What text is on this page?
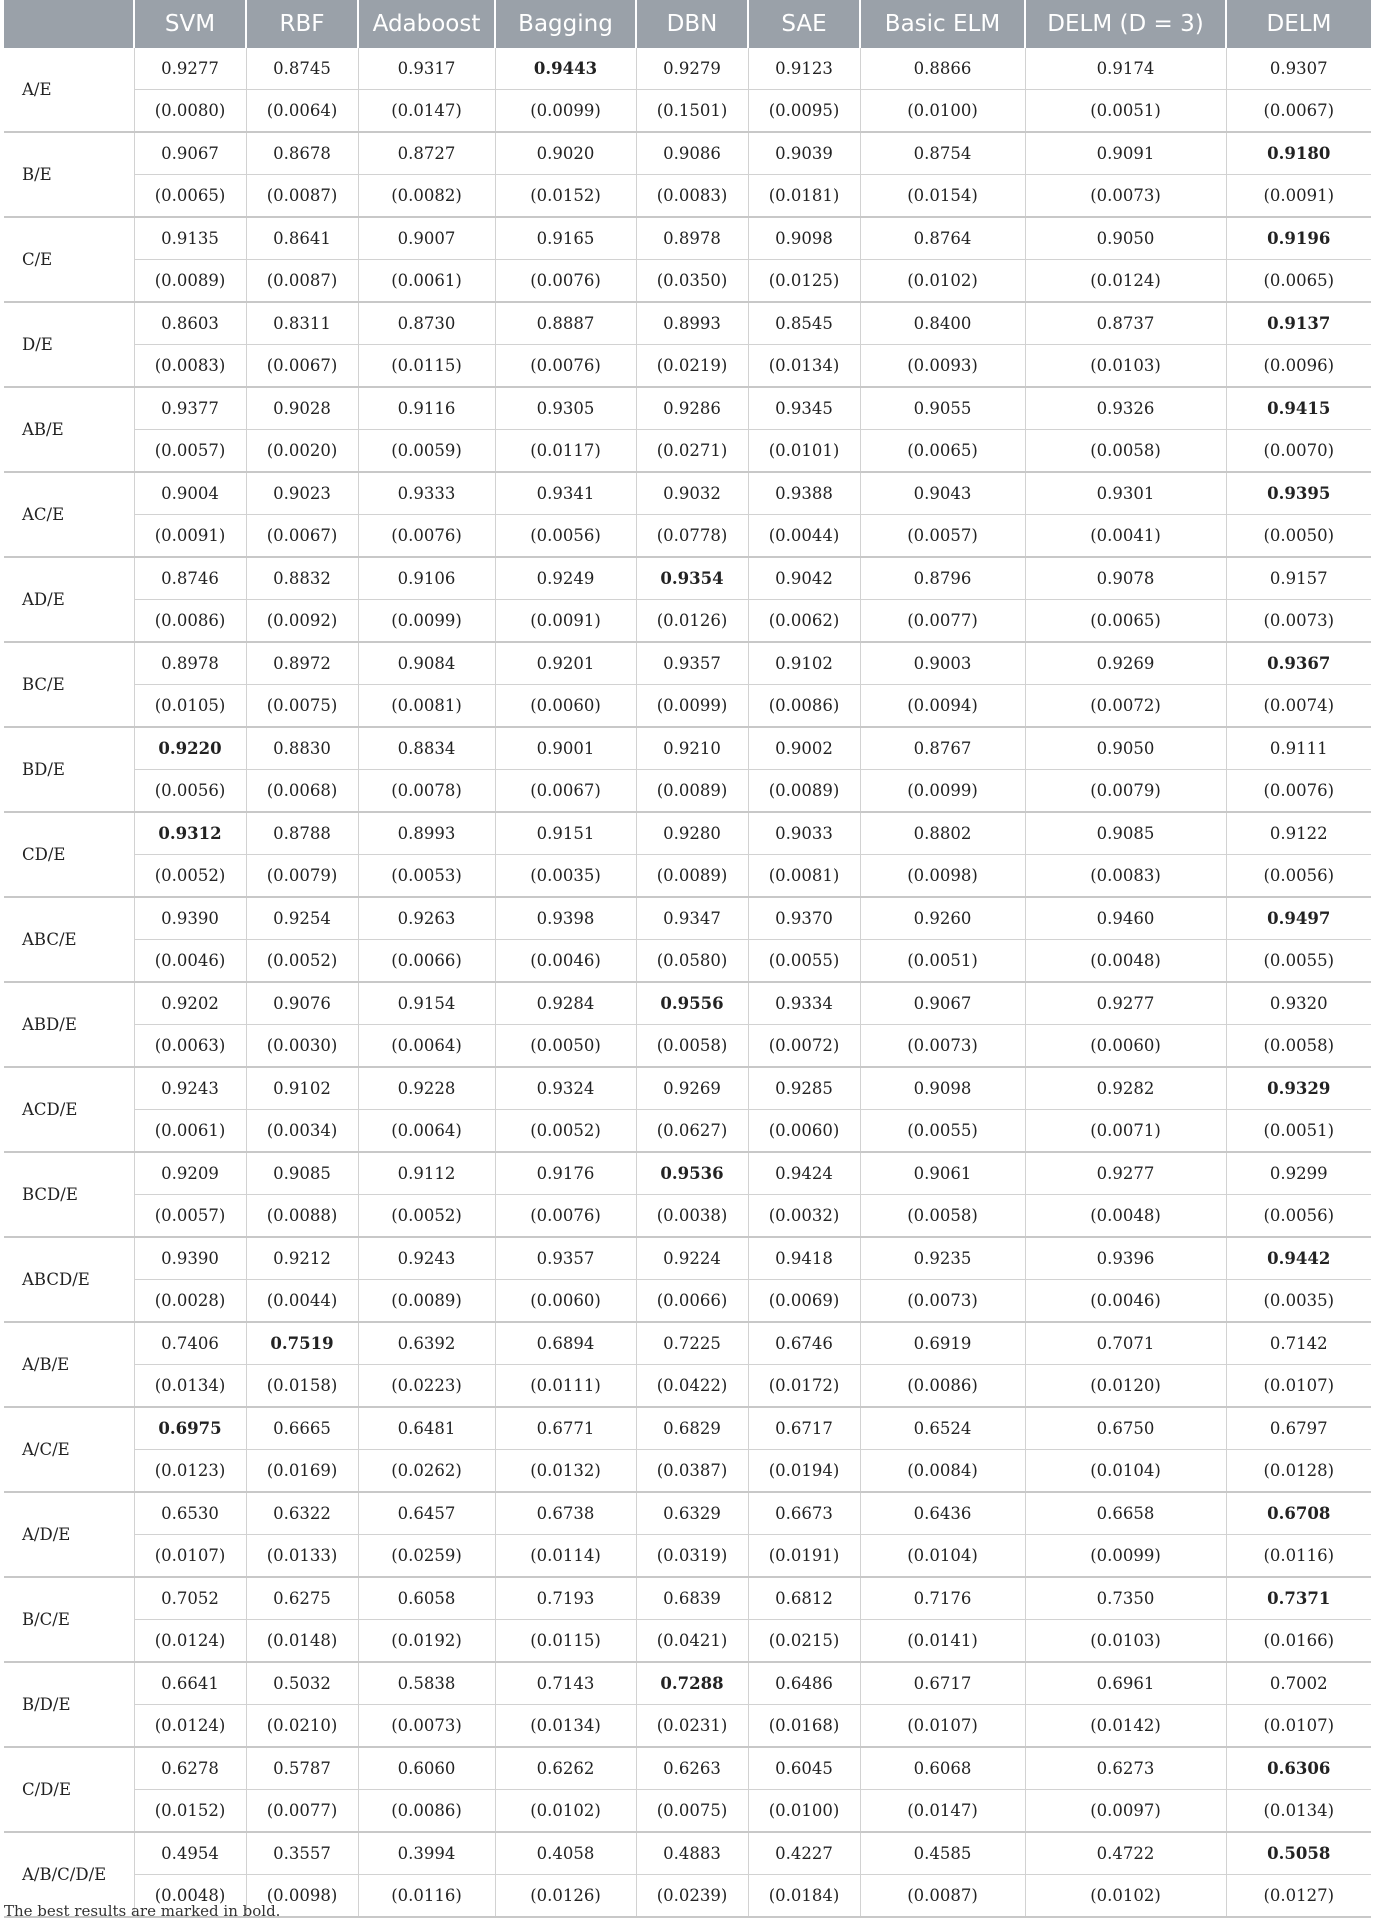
	SVM	RBF	Adaboost	Bagging	DBN	SAE	Basic ELM	DELM (D = 3)	DELM
A/E	0.9277	0.8745	0.9317	0.9443	0.9279	0.9123	0.8866	0.9174	0.9307
	(0.0080)	(0.0064)	(0.0147)	(0.0099)	(0.1501)	(0.0095)	(0.0100)	(0.0051)	(0.0067)
B/E	0.9067	0.8678	0.8727	0.9020	0.9086	0.9039	0.8754	0.9091	0.9180
	(0.0065)	(0.0087)	(0.0082)	(0.0152)	(0.0083)	(0.0181)	(0.0154)	(0.0073)	(0.0091)
C/E	0.9135	0.8641	0.9007	0.9165	0.8978	0.9098	0.8764	0.9050	0.9196
	(0.0089)	(0.0087)	(0.0061)	(0.0076)	(0.0350)	(0.0125)	(0.0102)	(0.0124)	(0.0065)
D/E	0.8603	0.8311	0.8730	0.8887	0.8993	0.8545	0.8400	0.8737	0.9137
	(0.0083)	(0.0067)	(0.0115)	(0.0076)	(0.0219)	(0.0134)	(0.0093)	(0.0103)	(0.0096)
AB/E	0.9377	0.9028	0.9116	0.9305	0.9286	0.9345	0.9055	0.9326	0.9415
	(0.0057)	(0.0020)	(0.0059)	(0.0117)	(0.0271)	(0.0101)	(0.0065)	(0.0058)	(0.0070)
AC/E	0.9004	0.9023	0.9333	0.9341	0.9032	0.9388	0.9043	0.9301	0.9395
	(0.0091)	(0.0067)	(0.0076)	(0.0056)	(0.0778)	(0.0044)	(0.0057)	(0.0041)	(0.0050)
AD/E	0.8746	0.8832	0.9106	0.9249	0.9354	0.9042	0.8796	0.9078	0.9157
	(0.0086)	(0.0092)	(0.0099)	(0.0091)	(0.0126)	(0.0062)	(0.0077)	(0.0065)	(0.0073)
BC/E	0.8978	0.8972	0.9084	0.9201	0.9357	0.9102	0.9003	0.9269	0.9367
	(0.0105)	(0.0075)	(0.0081)	(0.0060)	(0.0099)	(0.0086)	(0.0094)	(0.0072)	(0.0074)
BD/E	0.9220	0.8830	0.8834	0.9001	0.9210	0.9002	0.8767	0.9050	0.9111
	(0.0056)	(0.0068)	(0.0078)	(0.0067)	(0.0089)	(0.0089)	(0.0099)	(0.0079)	(0.0076)
CD/E	0.9312	0.8788	0.8993	0.9151	0.9280	0.9033	0.8802	0.9085	0.9122
	(0.0052)	(0.0079)	(0.0053)	(0.0035)	(0.0089)	(0.0081)	(0.0098)	(0.0083)	(0.0056)
ABC/E	0.9390	0.9254	0.9263	0.9398	0.9347	0.9370	0.9260	0.9460	0.9497
	(0.0046)	(0.0052)	(0.0066)	(0.0046)	(0.0580)	(0.0055)	(0.0051)	(0.0048)	(0.0055)
ABD/E	0.9202	0.9076	0.9154	0.9284	0.9556	0.9334	0.9067	0.9277	0.9320
	(0.0063)	(0.0030)	(0.0064)	(0.0050)	(0.0058)	(0.0072)	(0.0073)	(0.0060)	(0.0058)
ACD/E	0.9243	0.9102	0.9228	0.9324	0.9269	0.9285	0.9098	0.9282	0.9329
	(0.0061)	(0.0034)	(0.0064)	(0.0052)	(0.0627)	(0.0060)	(0.0055)	(0.0071)	(0.0051)
BCD/E	0.9209	0.9085	0.9112	0.9176	0.9536	0.9424	0.9061	0.9277	0.9299
	(0.0057)	(0.0088)	(0.0052)	(0.0076)	(0.0038)	(0.0032)	(0.0058)	(0.0048)	(0.0056)
ABCD/E	0.9390	0.9212	0.9243	0.9357	0.9224	0.9418	0.9235	0.9396	0.9442
	(0.0028)	(0.0044)	(0.0089)	(0.0060)	(0.0066)	(0.0069)	(0.0073)	(0.0046)	(0.0035)
A/B/E	0.7406	0.7519	0.6392	0.6894	0.7225	0.6746	0.6919	0.7071	0.7142
	(0.0134)	(0.0158)	(0.0223)	(0.0111)	(0.0422)	(0.0172)	(0.0086)	(0.0120)	(0.0107)
A/C/E	0.6975	0.6665	0.6481	0.6771	0.6829	0.6717	0.6524	0.6750	0.6797
	(0.0123)	(0.0169)	(0.0262)	(0.0132)	(0.0387)	(0.0194)	(0.0084)	(0.0104)	(0.0128)
A/D/E	0.6530	0.6322	0.6457	0.6738	0.6329	0.6673	0.6436	0.6658	0.6708
	(0.0107)	(0.0133)	(0.0259)	(0.0114)	(0.0319)	(0.0191)	(0.0104)	(0.0099)	(0.0116)
B/C/E	0.7052	0.6275	0.6058	0.7193	0.6839	0.6812	0.7176	0.7350	0.7371
	(0.0124)	(0.0148)	(0.0192)	(0.0115)	(0.0421)	(0.0215)	(0.0141)	(0.0103)	(0.0166)
B/D/E	0.6641	0.5032	0.5838	0.7143	0.7288	0.6486	0.6717	0.6961	0.7002
	(0.0124)	(0.0210)	(0.0073)	(0.0134)	(0.0231)	(0.0168)	(0.0107)	(0.0142)	(0.0107)
C/D/E	0.6278	0.5787	0.6060	0.6262	0.6263	0.6045	0.6068	0.6273	0.6306
	(0.0152)	(0.0077)	(0.0086)	(0.0102)	(0.0075)	(0.0100)	(0.0147)	(0.0097)	(0.0134)
A/B/C/D/E	0.4954	0.3557	0.3994	0.4058	0.4883	0.4227	0.4585	0.4722	0.5058
	(0.0048)	(0.0098)	(0.0116)	(0.0126)	(0.0239)	(0.0184)	(0.0087)	(0.0102)	(0.0127)
The best results are marked in bold.
